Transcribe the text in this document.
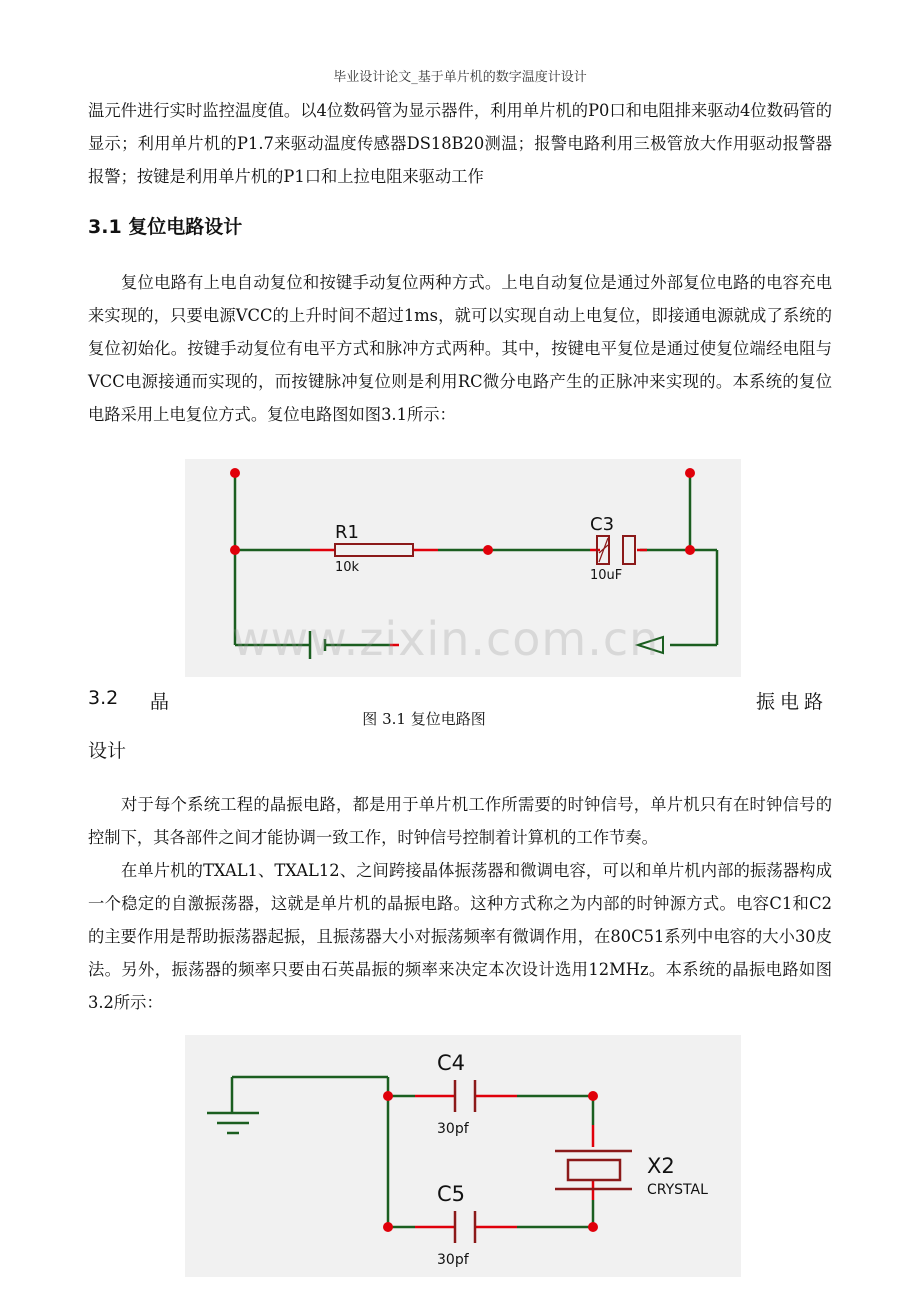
毕业设计论文_基于单片机的数字温度计设计

温元件进行实时监控温度值。以4位数码管为显示器件，利用单片机的P0口和电阻排来驱动4位数码管的显示；利用单片机的P1.7来驱动温度传感器DS18B20测温；报警电路利用三极管放大作用驱动报警器报警；按键是利用单片机的P1口和上拉电阻来驱动工作

3.1 复位电路设计

复位电路有上电自动复位和按键手动复位两种方式。上电自动复位是通过外部复位电路的电容充电来实现的，只要电源VCC的上升时间不超过1ms，就可以实现自动上电复位，即接通电源就成了系统的复位初始化。按键手动复位有电平方式和脉冲方式两种。其中，按键电平复位是通过使复位端经电阻与VCC电源接通而实现的，而按键脉冲复位则是利用RC微分电路产生的正脉冲来实现的。本系统的复位电路采用上电复位方式。复位电路图如图3.1所示：

R1
10k
C3
10uF
www.zixin.com.cn
3.2 晶	振电路
设计
图 3.1 复位电路图

对于每个系统工程的晶振电路，都是用于单片机工作所需要的时钟信号，单片机只有在时钟信号的控制下，其各部件之间才能协调一致工作，时钟信号控制着计算机的工作节奏。

在单片机的TXAL1、TXAL12、之间跨接晶体振荡器和微调电容，可以和单片机内部的振荡器构成一个稳定的自激振荡器，这就是单片机的晶振电路。这种方式称之为内部的时钟源方式。电容C1和C2的主要作用是帮助振荡器起振，且振荡器大小对振荡频率有微调作用，在80C51系列中电容的大小30皮法。另外，振荡器的频率只要由石英晶振的频率来决定本次设计选用12MHz。本系统的晶振电路如图3.2所示：

C4
30pf
C5
30pf
X2
CRYSTAL
